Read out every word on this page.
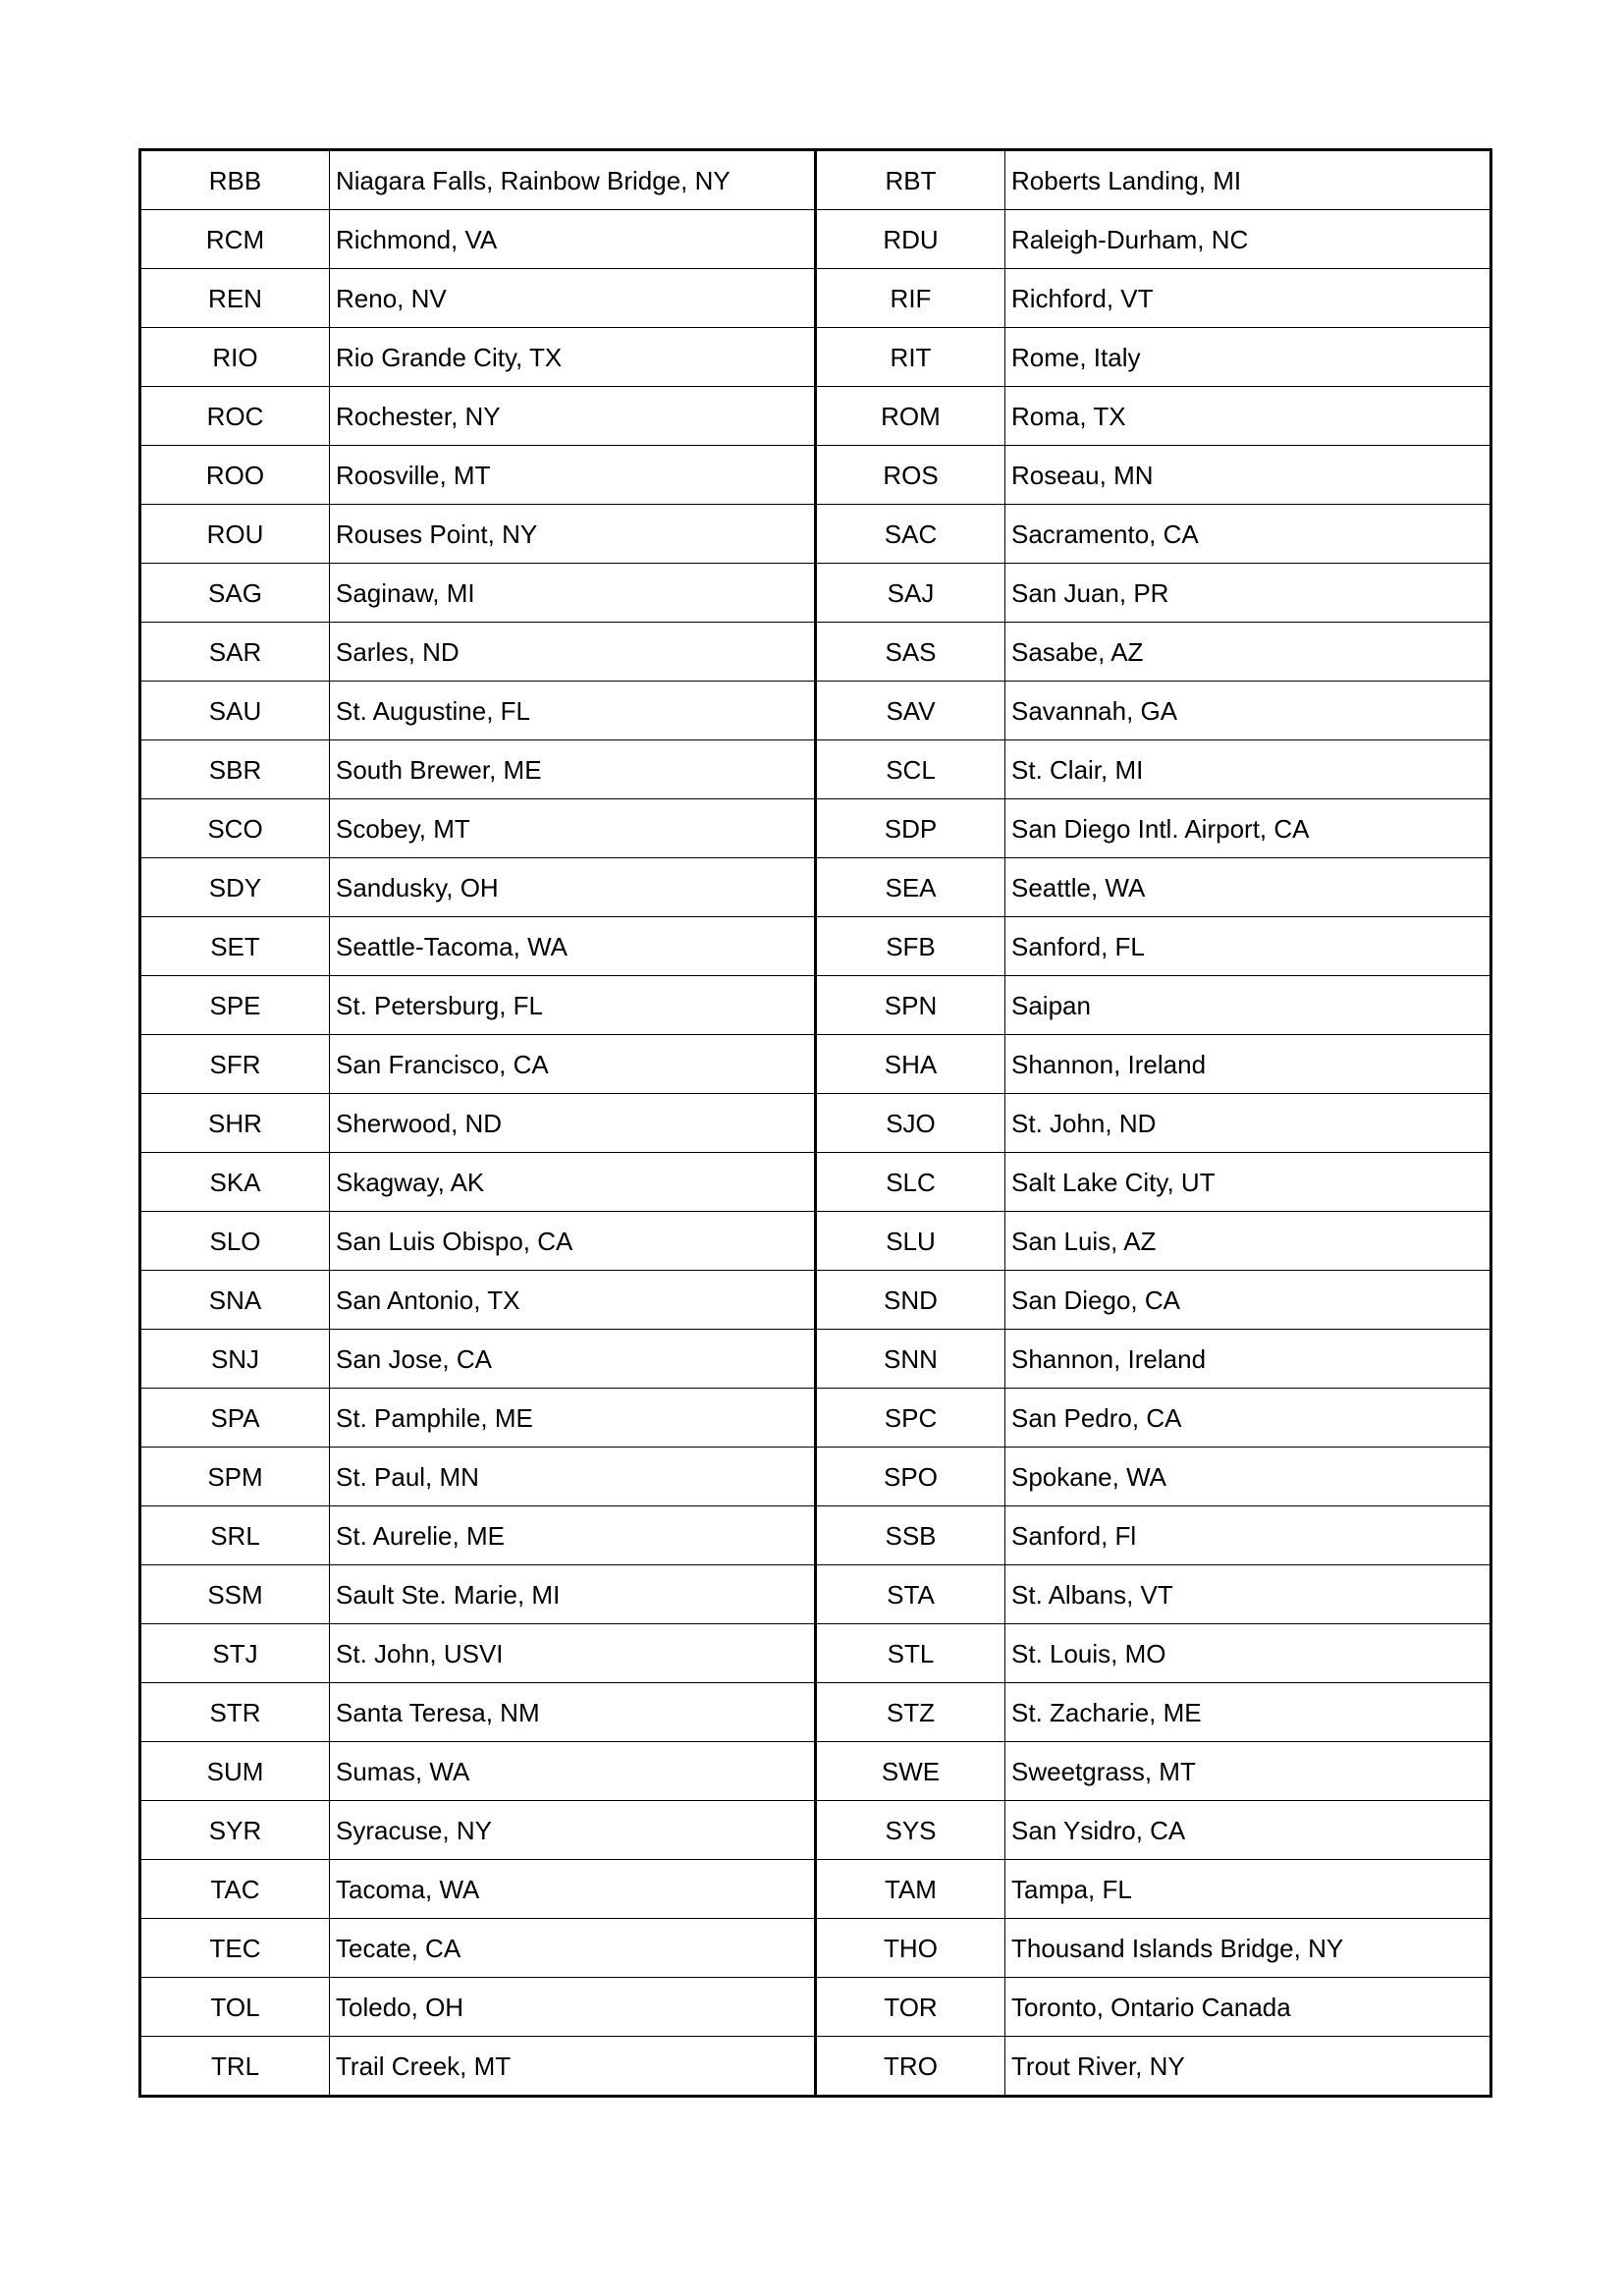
RBB	Niagara Falls, Rainbow Bridge, NY	RBT	Roberts Landing, MI
RCM	Richmond, VA	RDU	Raleigh-Durham, NC
REN	Reno, NV	RIF	Richford, VT
RIO	Rio Grande City, TX	RIT	Rome, Italy
ROC	Rochester, NY	ROM	Roma, TX
ROO	Roosville, MT	ROS	Roseau, MN
ROU	Rouses Point, NY	SAC	Sacramento, CA
SAG	Saginaw, MI	SAJ	San Juan, PR
SAR	Sarles, ND	SAS	Sasabe, AZ
SAU	St. Augustine, FL	SAV	Savannah, GA
SBR	South Brewer, ME	SCL	St. Clair, MI
SCO	Scobey, MT	SDP	San Diego Intl. Airport, CA
SDY	Sandusky, OH	SEA	Seattle, WA
SET	Seattle-Tacoma, WA	SFB	Sanford, FL
SPE	St. Petersburg, FL	SPN	Saipan
SFR	San Francisco, CA	SHA	Shannon, Ireland
SHR	Sherwood, ND	SJO	St. John, ND
SKA	Skagway, AK	SLC	Salt Lake City, UT
SLO	San Luis Obispo, CA	SLU	San Luis, AZ
SNA	San Antonio, TX	SND	San Diego, CA
SNJ	San Jose, CA	SNN	Shannon, Ireland
SPA	St. Pamphile, ME	SPC	San Pedro, CA
SPM	St. Paul, MN	SPO	Spokane, WA
SRL	St. Aurelie, ME	SSB	Sanford, Fl
SSM	Sault Ste. Marie, MI	STA	St. Albans, VT
STJ	St. John, USVI	STL	St. Louis, MO
STR	Santa Teresa, NM	STZ	St. Zacharie, ME
SUM	Sumas, WA	SWE	Sweetgrass, MT
SYR	Syracuse, NY	SYS	San Ysidro, CA
TAC	Tacoma, WA	TAM	Tampa, FL
TEC	Tecate, CA	THO	Thousand Islands Bridge, NY
TOL	Toledo, OH	TOR	Toronto, Ontario Canada
TRL	Trail Creek, MT	TRO	Trout River, NY
